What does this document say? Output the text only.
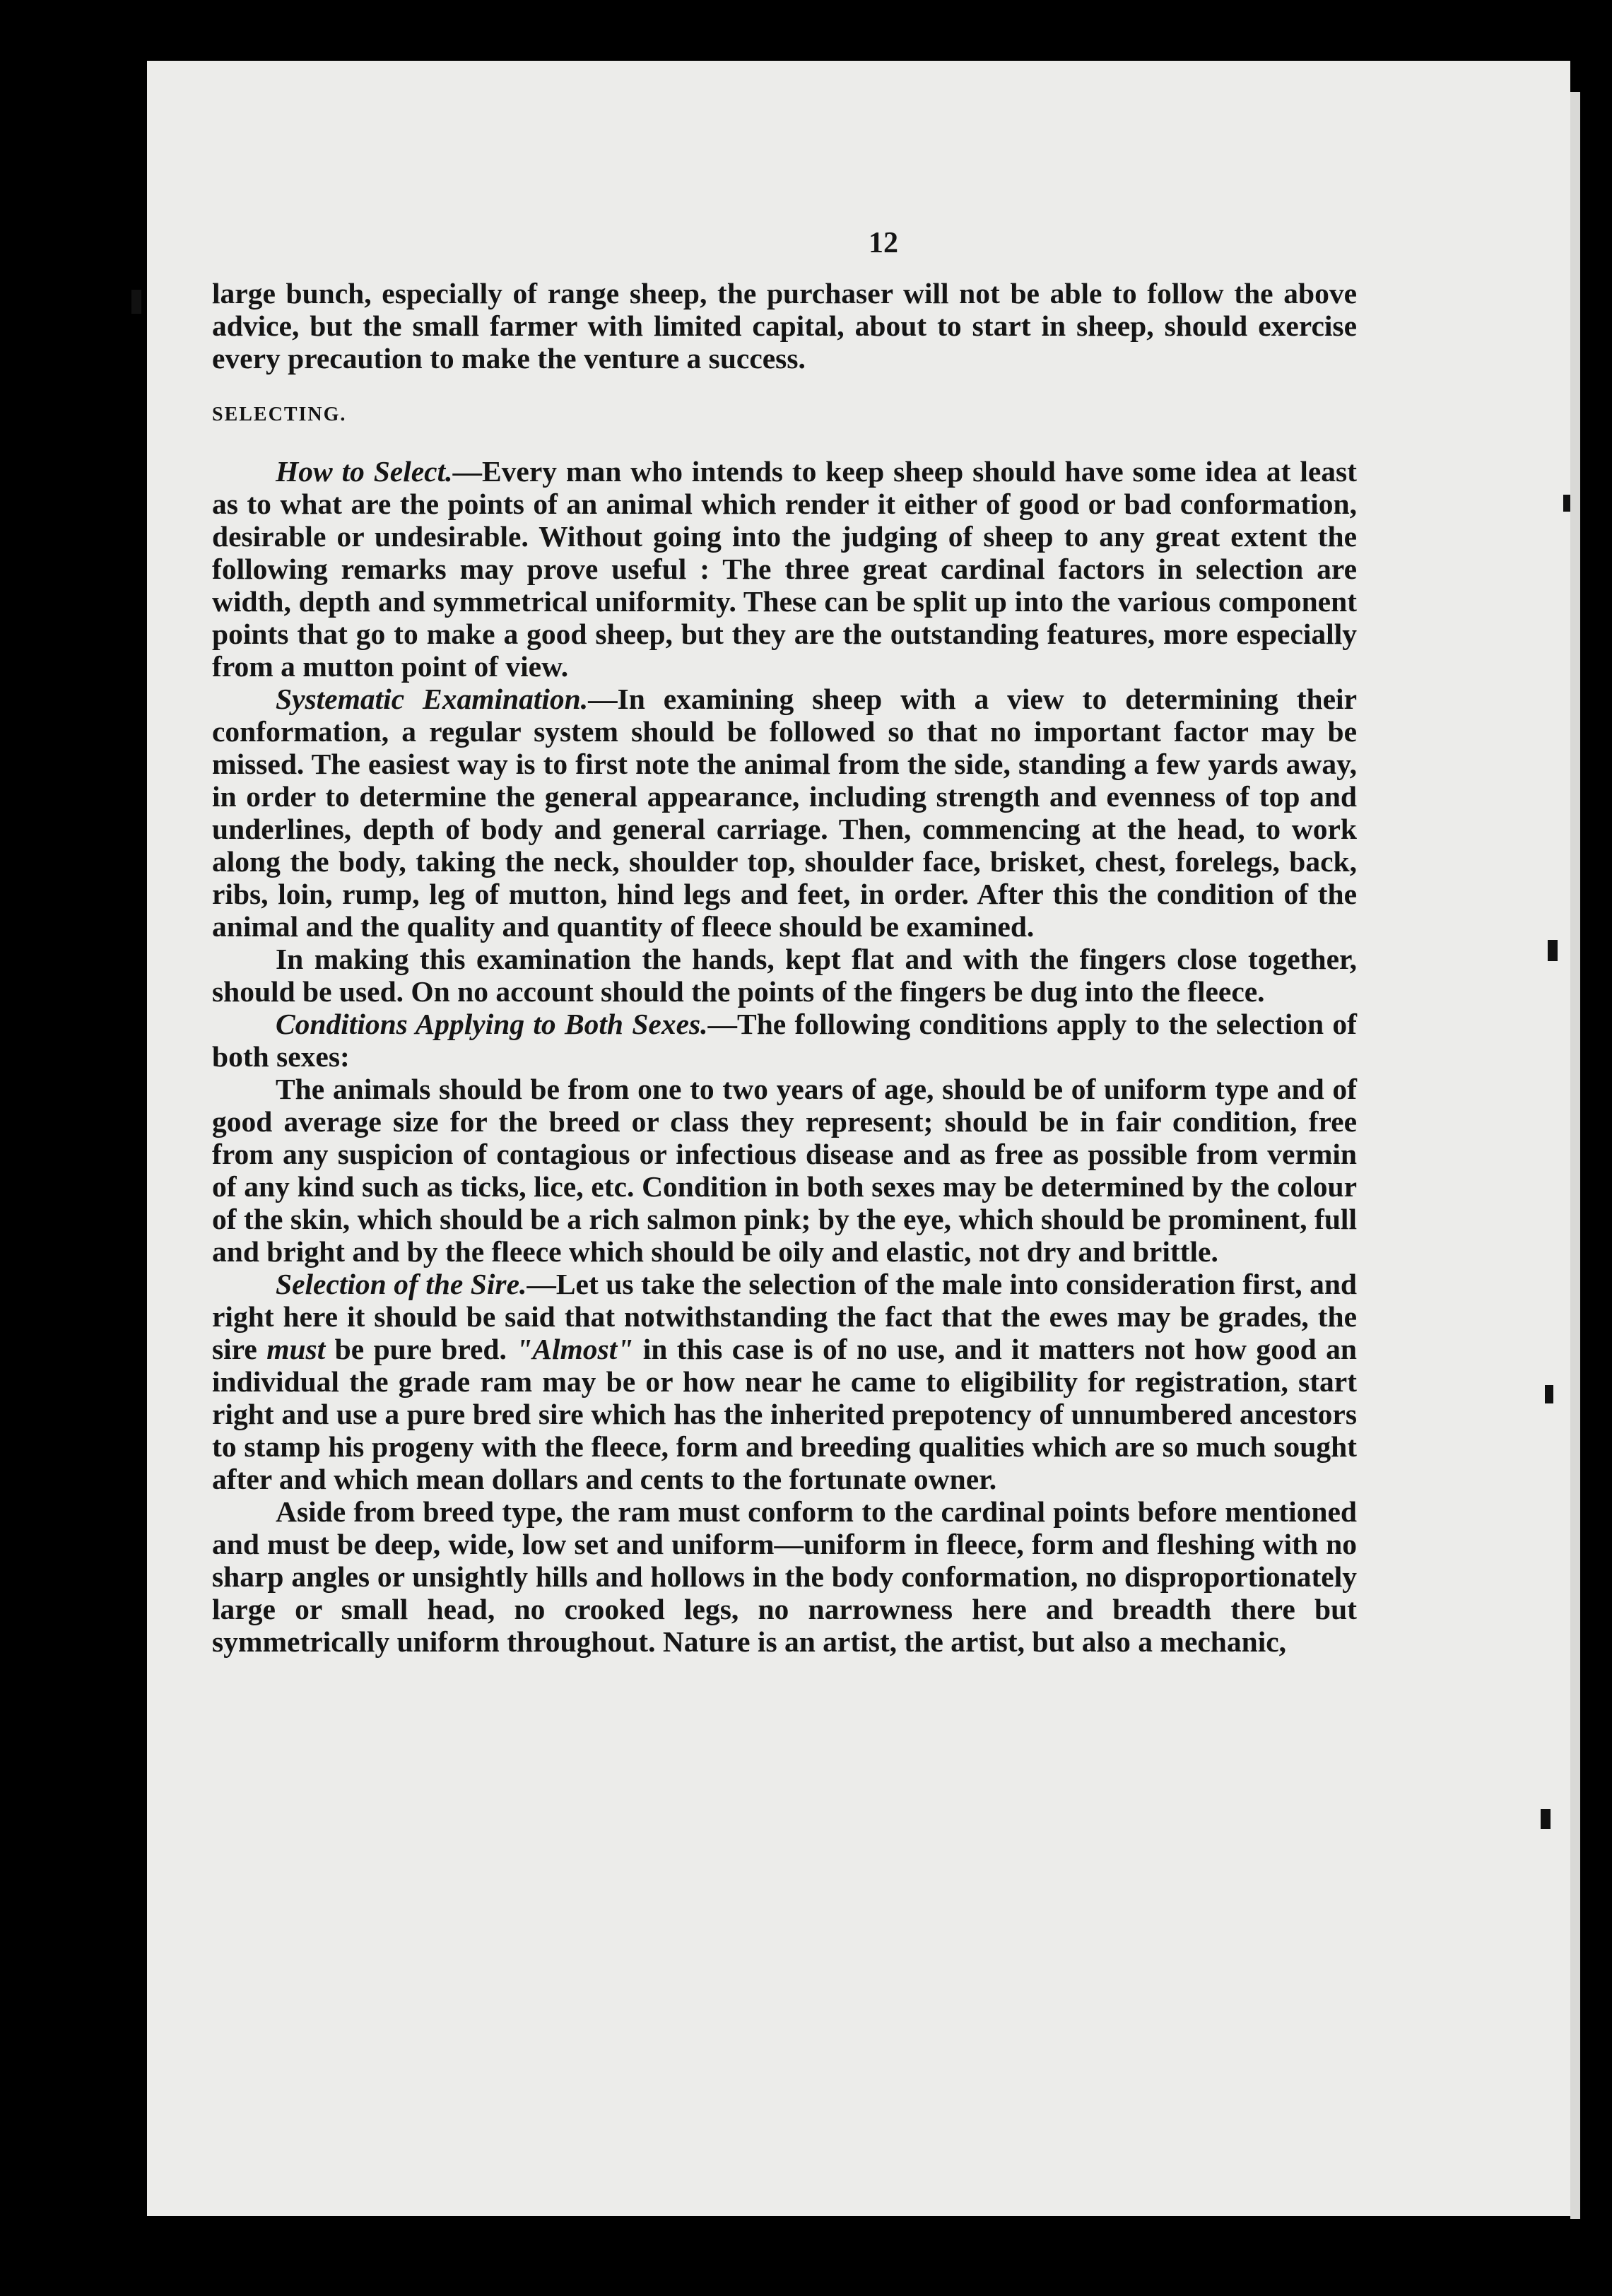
12

large bunch, especially of range sheep, the purchaser will not be able to follow the above advice, but the small farmer with limited capital, about to start in sheep, should exercise every precaution to make the venture a success.

SELECTING.

How to Select.—Every man who intends to keep sheep should have some idea at least as to what are the points of an animal which render it either of good or bad conformation, desirable or undesirable. Without going into the judging of sheep to any great extent the following remarks may prove useful : The three great cardinal factors in selection are width, depth and symmetrical uniformity. These can be split up into the various component points that go to make a good sheep, but they are the outstanding features, more especially from a mutton point of view.

Systematic Examination.—In examining sheep with a view to determining their conformation, a regular system should be followed so that no important factor may be missed. The easiest way is to first note the animal from the side, standing a few yards away, in order to determine the general appearance, including strength and evenness of top and underlines, depth of body and general carriage. Then, commencing at the head, to work along the body, taking the neck, shoulder top, shoulder face, brisket, chest, forelegs, back, ribs, loin, rump, leg of mutton, hind legs and feet, in order. After this the condition of the animal and the quality and quantity of fleece should be examined.

In making this examination the hands, kept flat and with the fingers close together, should be used. On no account should the points of the fingers be dug into the fleece.

Conditions Applying to Both Sexes.—The following conditions apply to the selection of both sexes:

The animals should be from one to two years of age, should be of uniform type and of good average size for the breed or class they represent; should be in fair condition, free from any suspicion of contagious or infectious disease and as free as possible from vermin of any kind such as ticks, lice, etc. Condition in both sexes may be determined by the colour of the skin, which should be a rich salmon pink; by the eye, which should be prominent, full and bright and by the fleece which should be oily and elastic, not dry and brittle.

Selection of the Sire.—Let us take the selection of the male into consideration first, and right here it should be said that notwithstanding the fact that the ewes may be grades, the sire must be pure bred. "Almost" in this case is of no use, and it matters not how good an individual the grade ram may be or how near he came to eligibility for registration, start right and use a pure bred sire which has the inherited prepotency of unnumbered ancestors to stamp his progeny with the fleece, form and breeding qualities which are so much sought after and which mean dollars and cents to the fortunate owner.

Aside from breed type, the ram must conform to the cardinal points before mentioned and must be deep, wide, low set and uniform—uniform in fleece, form and fleshing with no sharp angles or unsightly hills and hollows in the body conformation, no disproportionately large or small head, no crooked legs, no narrowness here and breadth there but symmetrically uniform throughout. Nature is an artist, the artist, but also a mechanic,
